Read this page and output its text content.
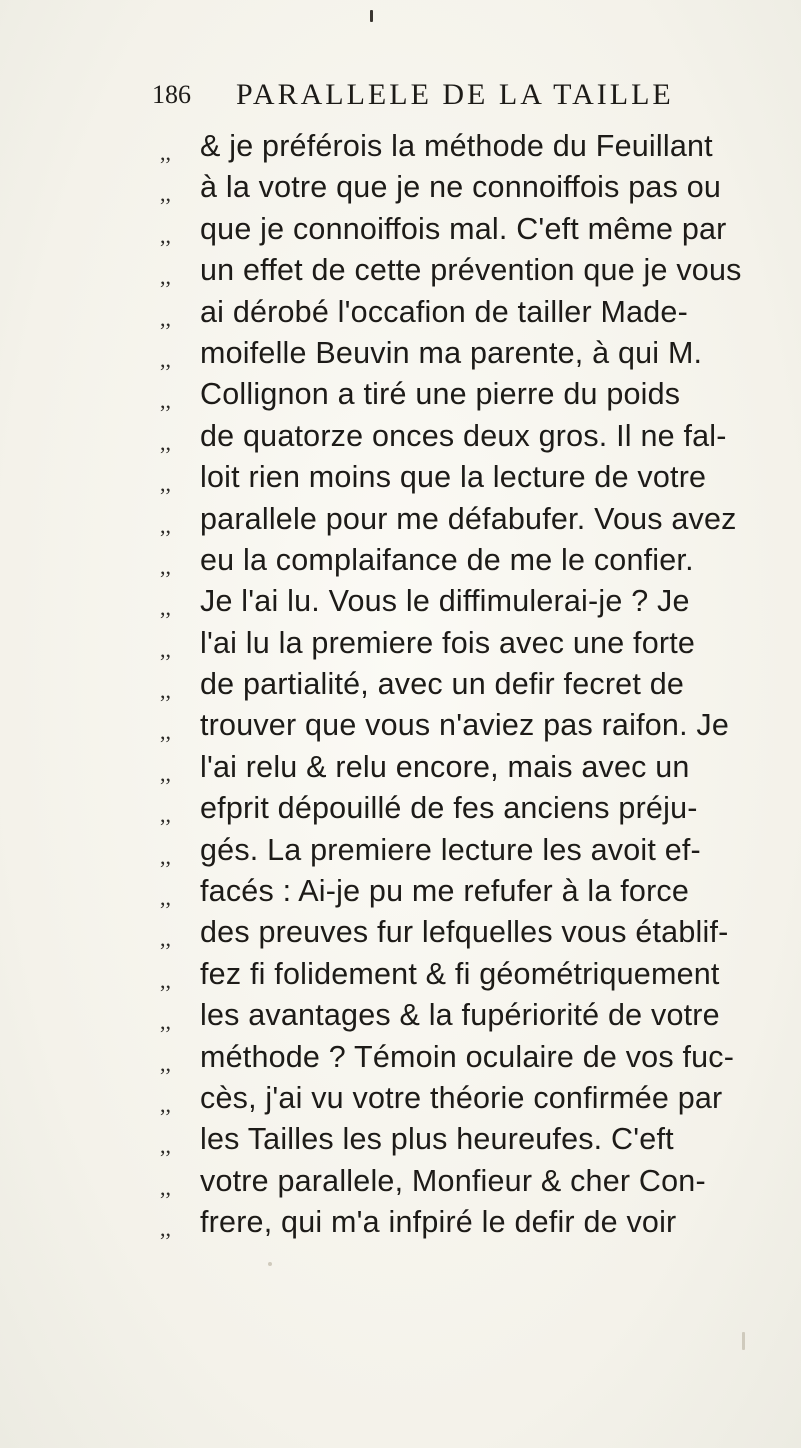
186 PARALLELE DE LA TAILLE
,, & je préférois la méthode du Feuillant
,, à la votre que je ne connoiffois pas ou
,, que je connoiffois mal. C'eft même par
,, un effet de cette prévention que je vous
,, ai dérobé l'occafion de tailler Made-
,, moifelle Beuvin ma parente, à qui M.
,, Collignon a tiré une pierre du poids
,, de quatorze onces deux gros. Il ne fal-
,, loit rien moins que la lecture de votre
,, parallele pour me défabufer. Vous avez
,, eu la complaifance de me le confier.
,, Je l'ai lu. Vous le diffimulerai-je ? Je
,, l'ai lu la premiere fois avec une forte
,, de partialité, avec un defir fecret de
,, trouver que vous n'aviez pas raifon. Je
,, l'ai relu & relu encore, mais avec un
,, efprit dépouillé de fes anciens préju-
,, gés. La premiere lecture les avoit ef-
,, facés : Ai-je pu me refufer à la force
,, des preuves fur lefquelles vous établif-
,, fez fi folidement & fi géométriquement
,, les avantages & la fupériorité de votre
,, méthode ? Témoin oculaire de vos fuc-
,, cès, j'ai vu votre théorie confirmée par
,, les Tailles les plus heureufes. C'eft
,, votre parallele, Monfieur & cher Con-
,, frere, qui m'a infpiré le defir de voir
